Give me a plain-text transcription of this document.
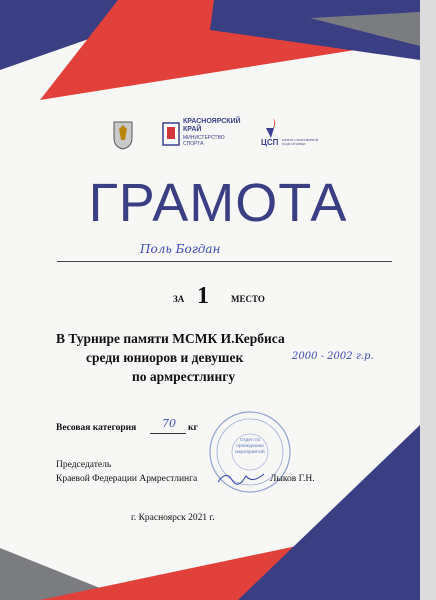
КРАСНОЯРСКИЙ КРАЙ
МИНИСТЕРСТВО СПОРТА	ЦСП ЦЕНТР СПОРТИВНОЙ ПОДГОТОВКИ
ГРАМОТА
Поль Богдан
ЗА 1 МЕСТО
В Турнире памяти МСМК И.Кербиса
среди юниоров и девушек	2000 - 2002 г.р.
по армрестлингу
Весовая категория 70 кг
Отдел по проведению мероприятий
Председатель
Краевой Федерации Армрестлинга	Лыков Г.Н.
г. Красноярск 2021 г.
